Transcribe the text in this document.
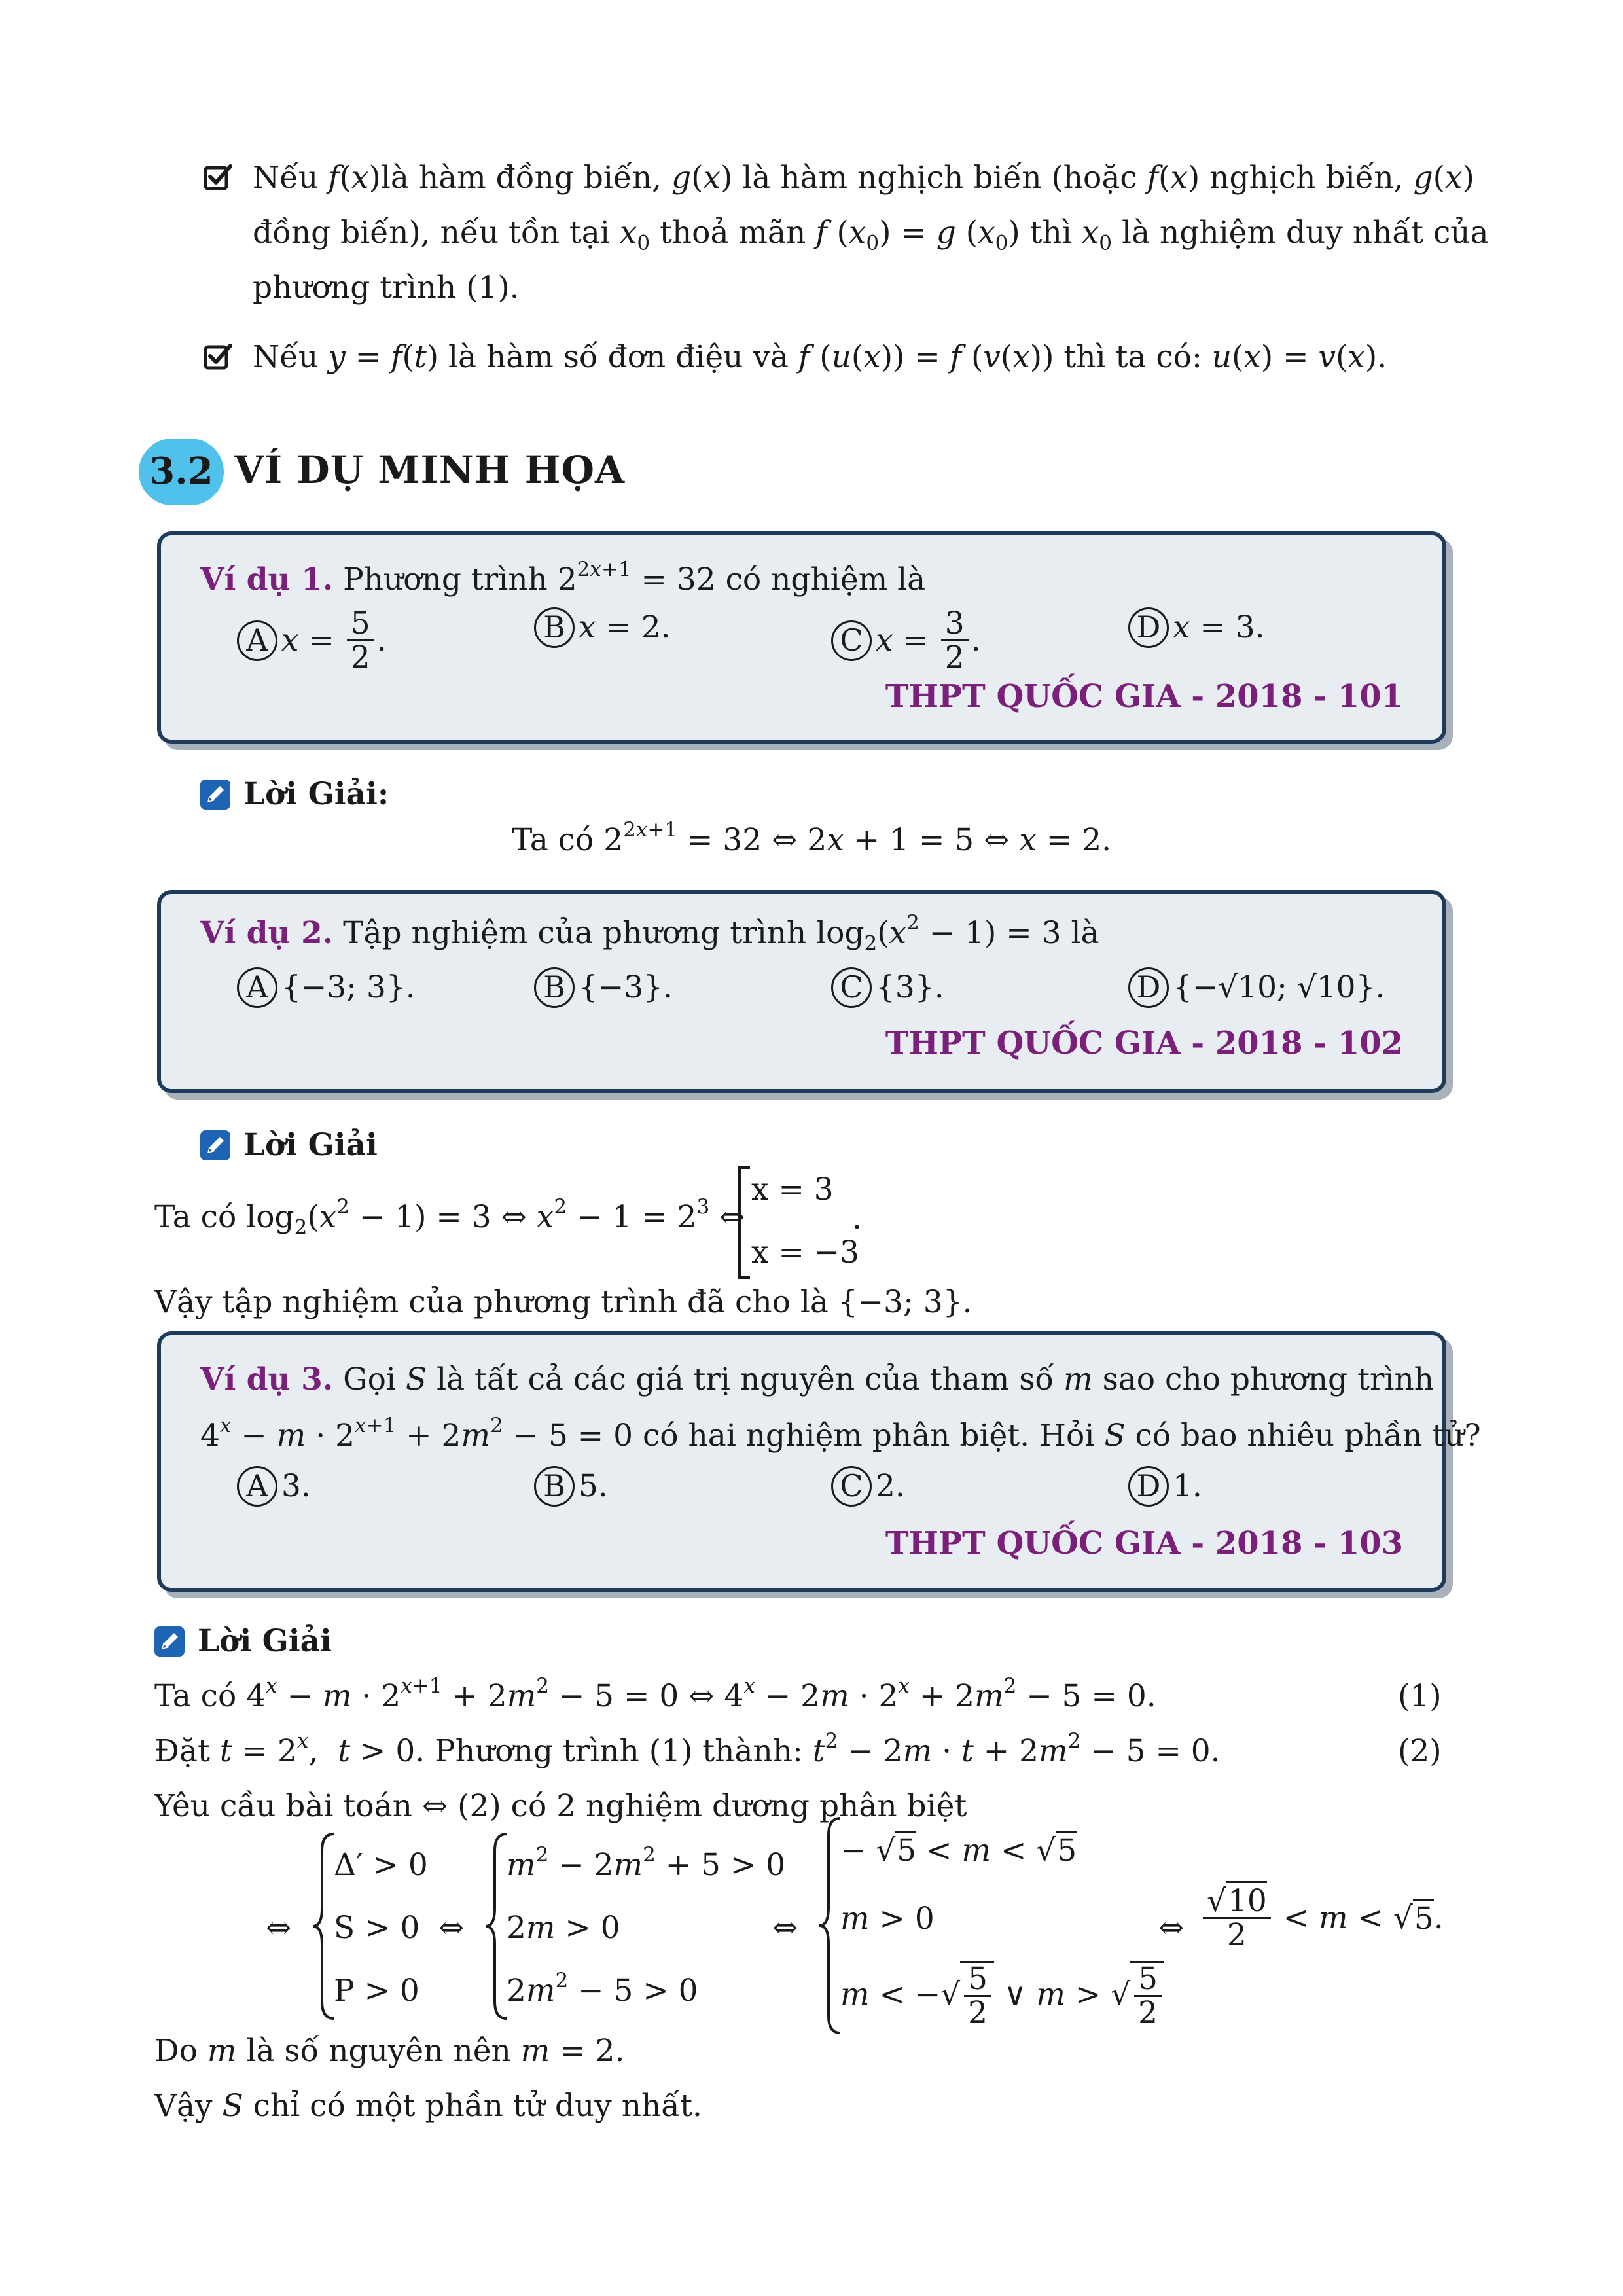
Nếu f(x)là hàm đồng biến, g(x) là hàm nghịch biến (hoặc f(x) nghịch biến, g(x)
đồng biến), nếu tồn tại $x_0$ thoả mãn f $(x_0) = g$ $(x_0)$ thì $x_0$ là nghiệm duy nhất của
phương trình (1).
Nếu y = f(t) là hàm số đơn điệu và f (u(x)) = f (v(x)) thì ta có: u(x) = v(x).
3.2 VÍ DỤ MINH HỌA
Ví dụ 1. Phương trình $2^{2x+1} = 32$ có nghiệm là
A $x = \frac{5}{2}$ .	B x = 2.	C $x = \frac{3}{2}$ .	D x = 3.
THPT QUỐC GIA - 2018 - 101
Lời Giải:
Ta có $2^{2x+1} = 32$ ⇔ 2x + 1 = 5 ⇔ x = 2.
Ví dụ 2. Tập nghiệm của phương trình $\log_2(x^2 - 1) = 3$ là
A {−3; 3}.	B {−3}.	C {3}.	D {−√10; √10}.
THPT QUỐC GIA - 2018 - 102
Lời Giải
Ta có $\log_2(x^2 - 1) = 3$ ⇔ $x^2 - 1 = 2^3$ ⇔
x = 3
x = −3
.
Vậy tập nghiệm của phương trình đã cho là {−3; 3}.
Ví dụ 3. Gọi S là tất cả các giá trị nguyên của tham số m sao cho phương trình
$4^x - m \cdot 2^{x+1} + 2m^2 - 5 = 0$ có hai nghiệm phân biệt. Hỏi S có bao nhiêu phần tử?
A 3.	B 5.	C 2.	D 1.
THPT QUỐC GIA - 2018 - 103
Lời Giải
Ta có $4^x - m \cdot 2^{x+1} + 2m^2 - 5 = 0$ ⇔ $4^x - 2m \cdot 2^x + 2m^2 - 5 = 0$.	(1)
Đặt $t = 2^x$,  t > 0. Phương trình (1) thành: $t^2 - 2m \cdot t + 2m^2 - 5 = 0$.	(2)
Yêu cầu bài toán ⇔ (2) có 2 nghiệm dương phân biệt
⇔
Δ′ > 0
S > 0
P > 0
⇔
$m^2 - 2m^2 + 5 > 0$
2m > 0
$2m^2 - 5 > 0$
⇔
− √5 < m < √5
m > 0
m < −√ $\frac{5}{2}$ ∨ m > √ $\frac{5}{2}$
⇔ $\frac{√10}{2} < m$ < √ 5 .
Do m là số nguyên nên m = 2.
Vậy S chỉ có một phần tử duy nhất.
